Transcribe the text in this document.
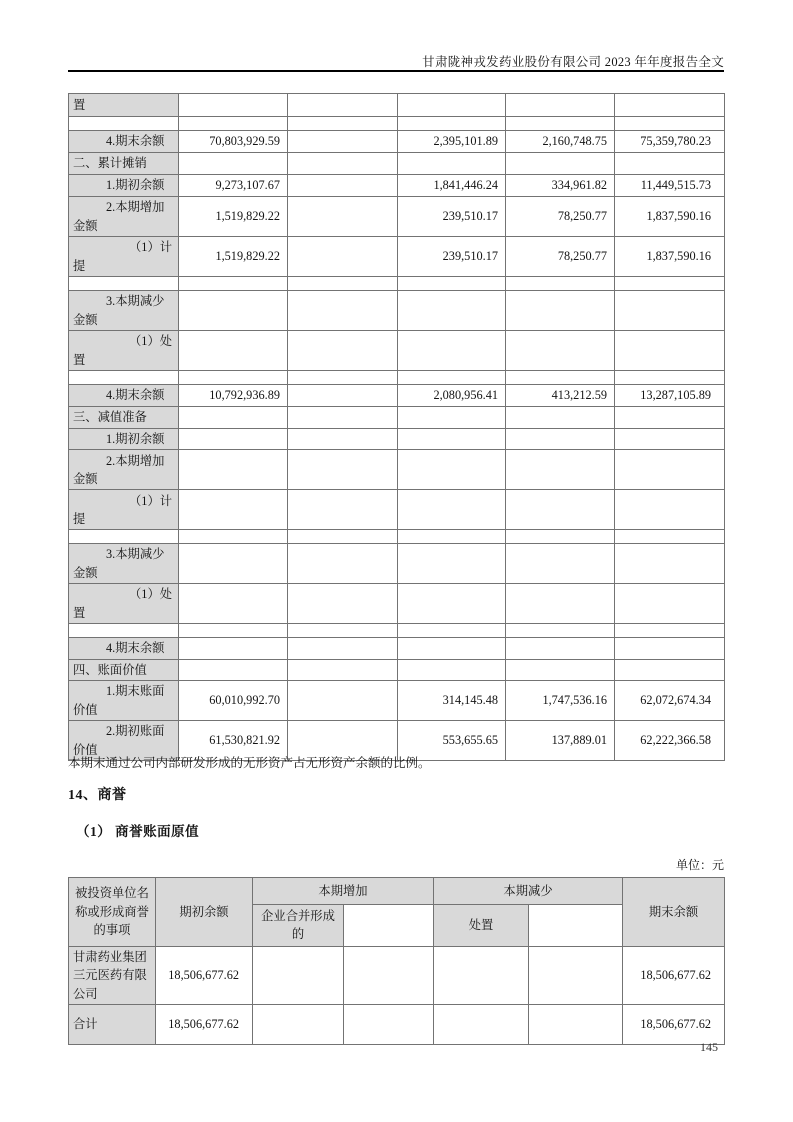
甘肃陇神戎发药业股份有限公司 2023 年年度报告全文
置					

4.期末余额	70,803,929.59		2,395,101.89	2,160,748.75	75,359,780.23
二、累计摊销					
1.期初余额	9,273,107.67		1,841,446.24	334,961.82	11,449,515.73
2.本期增加金额	1,519,829.22		239,510.17	78,250.77	1,837,590.16
（1）计提	1,519,829.22		239,510.17	78,250.77	1,837,590.16

3.本期减少金额					
（1）处置					

4.期末余额	10,792,936.89		2,080,956.41	413,212.59	13,287,105.89
三、减值准备					
1.期初余额					
2.本期增加金额					
（1）计提					

3.本期减少金额					
（1）处置					

4.期末余额					
四、账面价值					
1.期末账面价值	60,010,992.70		314,145.48	1,747,536.16	62,072,674.34
2.期初账面价值	61,530,821.92		553,655.65	137,889.01	62,222,366.58
本期末通过公司内部研发形成的无形资产占无形资产余额的比例。
14、商誉
（1） 商誉账面原值
单位：元
被投资单位名称或形成商誉的事项	期初余额	本期增加		本期减少		期末余额
		企业合并形成的		处置		
甘肃药业集团三元医药有限公司	18,506,677.62					18,506,677.62
合计	18,506,677.62					18,506,677.62
145
